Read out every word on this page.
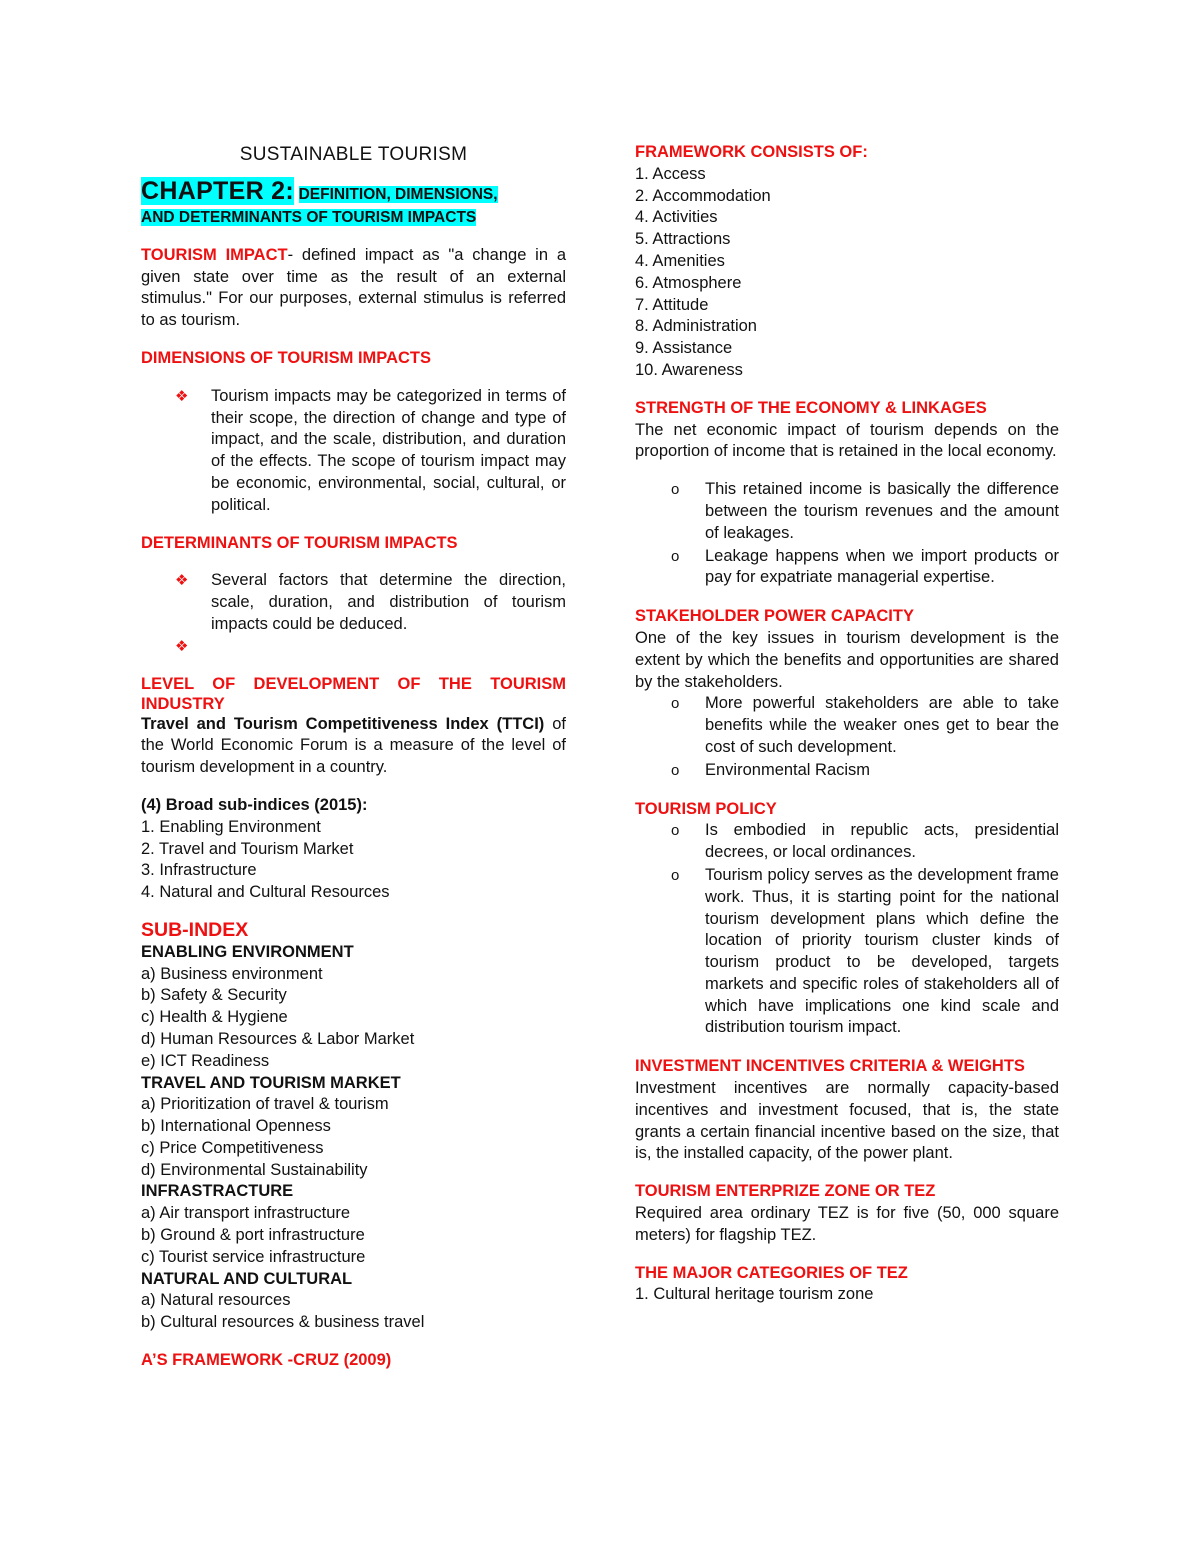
SUSTAINABLE TOURISM

CHAPTER 2: DEFINITION, DIMENSIONS,
AND DETERMINANTS OF TOURISM IMPACTS

TOURISM IMPACT- defined impact as "a change in a given state over time as the result of an external stimulus." For our purposes, external stimulus is referred to as tourism.

DIMENSIONS OF TOURISM IMPACTS

❖ Tourism impacts may be categorized in terms of their scope, the direction of change and type of impact, and the scale, distribution, and duration of the effects. The scope of tourism impact may be economic, environmental, social, cultural, or political.

DETERMINANTS OF TOURISM IMPACTS

❖ Several factors that determine the direction, scale, duration, and distribution of tourism impacts could be deduced.
❖

LEVEL OF DEVELOPMENT OF THE TOURISM INDUSTRY

Travel and Tourism Competitiveness Index (TTCI) of the World Economic Forum is a measure of the level of tourism development in a country.

(4) Broad sub-indices (2015):

1. Enabling Environment

2. Travel and Tourism Market

3. Infrastructure

4. Natural and Cultural Resources

SUB-INDEX

ENABLING ENVIRONMENT

a) Business environment

b) Safety & Security

c) Health & Hygiene

d) Human Resources & Labor Market

e) ICT Readiness

TRAVEL AND TOURISM MARKET

a) Prioritization of travel & tourism

b) International Openness

c) Price Competitiveness

d) Environmental Sustainability

INFRASTRACTURE

a) Air transport infrastructure

b) Ground & port infrastructure

c) Tourist service infrastructure

NATURAL AND CULTURAL

a) Natural resources

b) Cultural resources & business travel

A’S FRAMEWORK -CRUZ (2009)

FRAMEWORK CONSISTS OF:

1. Access

2. Accommodation

4. Activities

5. Attractions

4. Amenities

6. Atmosphere

7. Attitude

8. Administration

9. Assistance

10. Awareness

STRENGTH OF THE ECONOMY & LINKAGES

The net economic impact of tourism depends on the proportion of income that is retained in the local economy.

o This retained income is basically the difference between the tourism revenues and the amount of leakages.
o Leakage happens when we import products or pay for expatriate managerial expertise.

STAKEHOLDER POWER CAPACITY

One of the key issues in tourism development is the extent by which the benefits and opportunities are shared by the stakeholders.

o More powerful stakeholders are able to take benefits while the weaker ones get to bear the cost of such development.
o Environmental Racism

TOURISM POLICY

o Is embodied in republic acts, presidential decrees, or local ordinances.
o Tourism policy serves as the development frame work. Thus, it is starting point for the national tourism development plans which define the location of priority tourism cluster kinds of tourism product to be developed, targets markets and specific roles of stakeholders all of which have implications one kind scale and distribution tourism impact.

INVESTMENT INCENTIVES CRITERIA & WEIGHTS

Investment incentives are normally capacity-based incentives and investment focused, that is, the state grants a certain financial incentive based on the size, that is, the installed capacity, of the power plant.

TOURISM ENTERPRIZE ZONE OR TEZ

Required area ordinary TEZ is for five (50, 000 square meters) for flagship TEZ.

THE MAJOR CATEGORIES OF TEZ

1. Cultural heritage tourism zone
